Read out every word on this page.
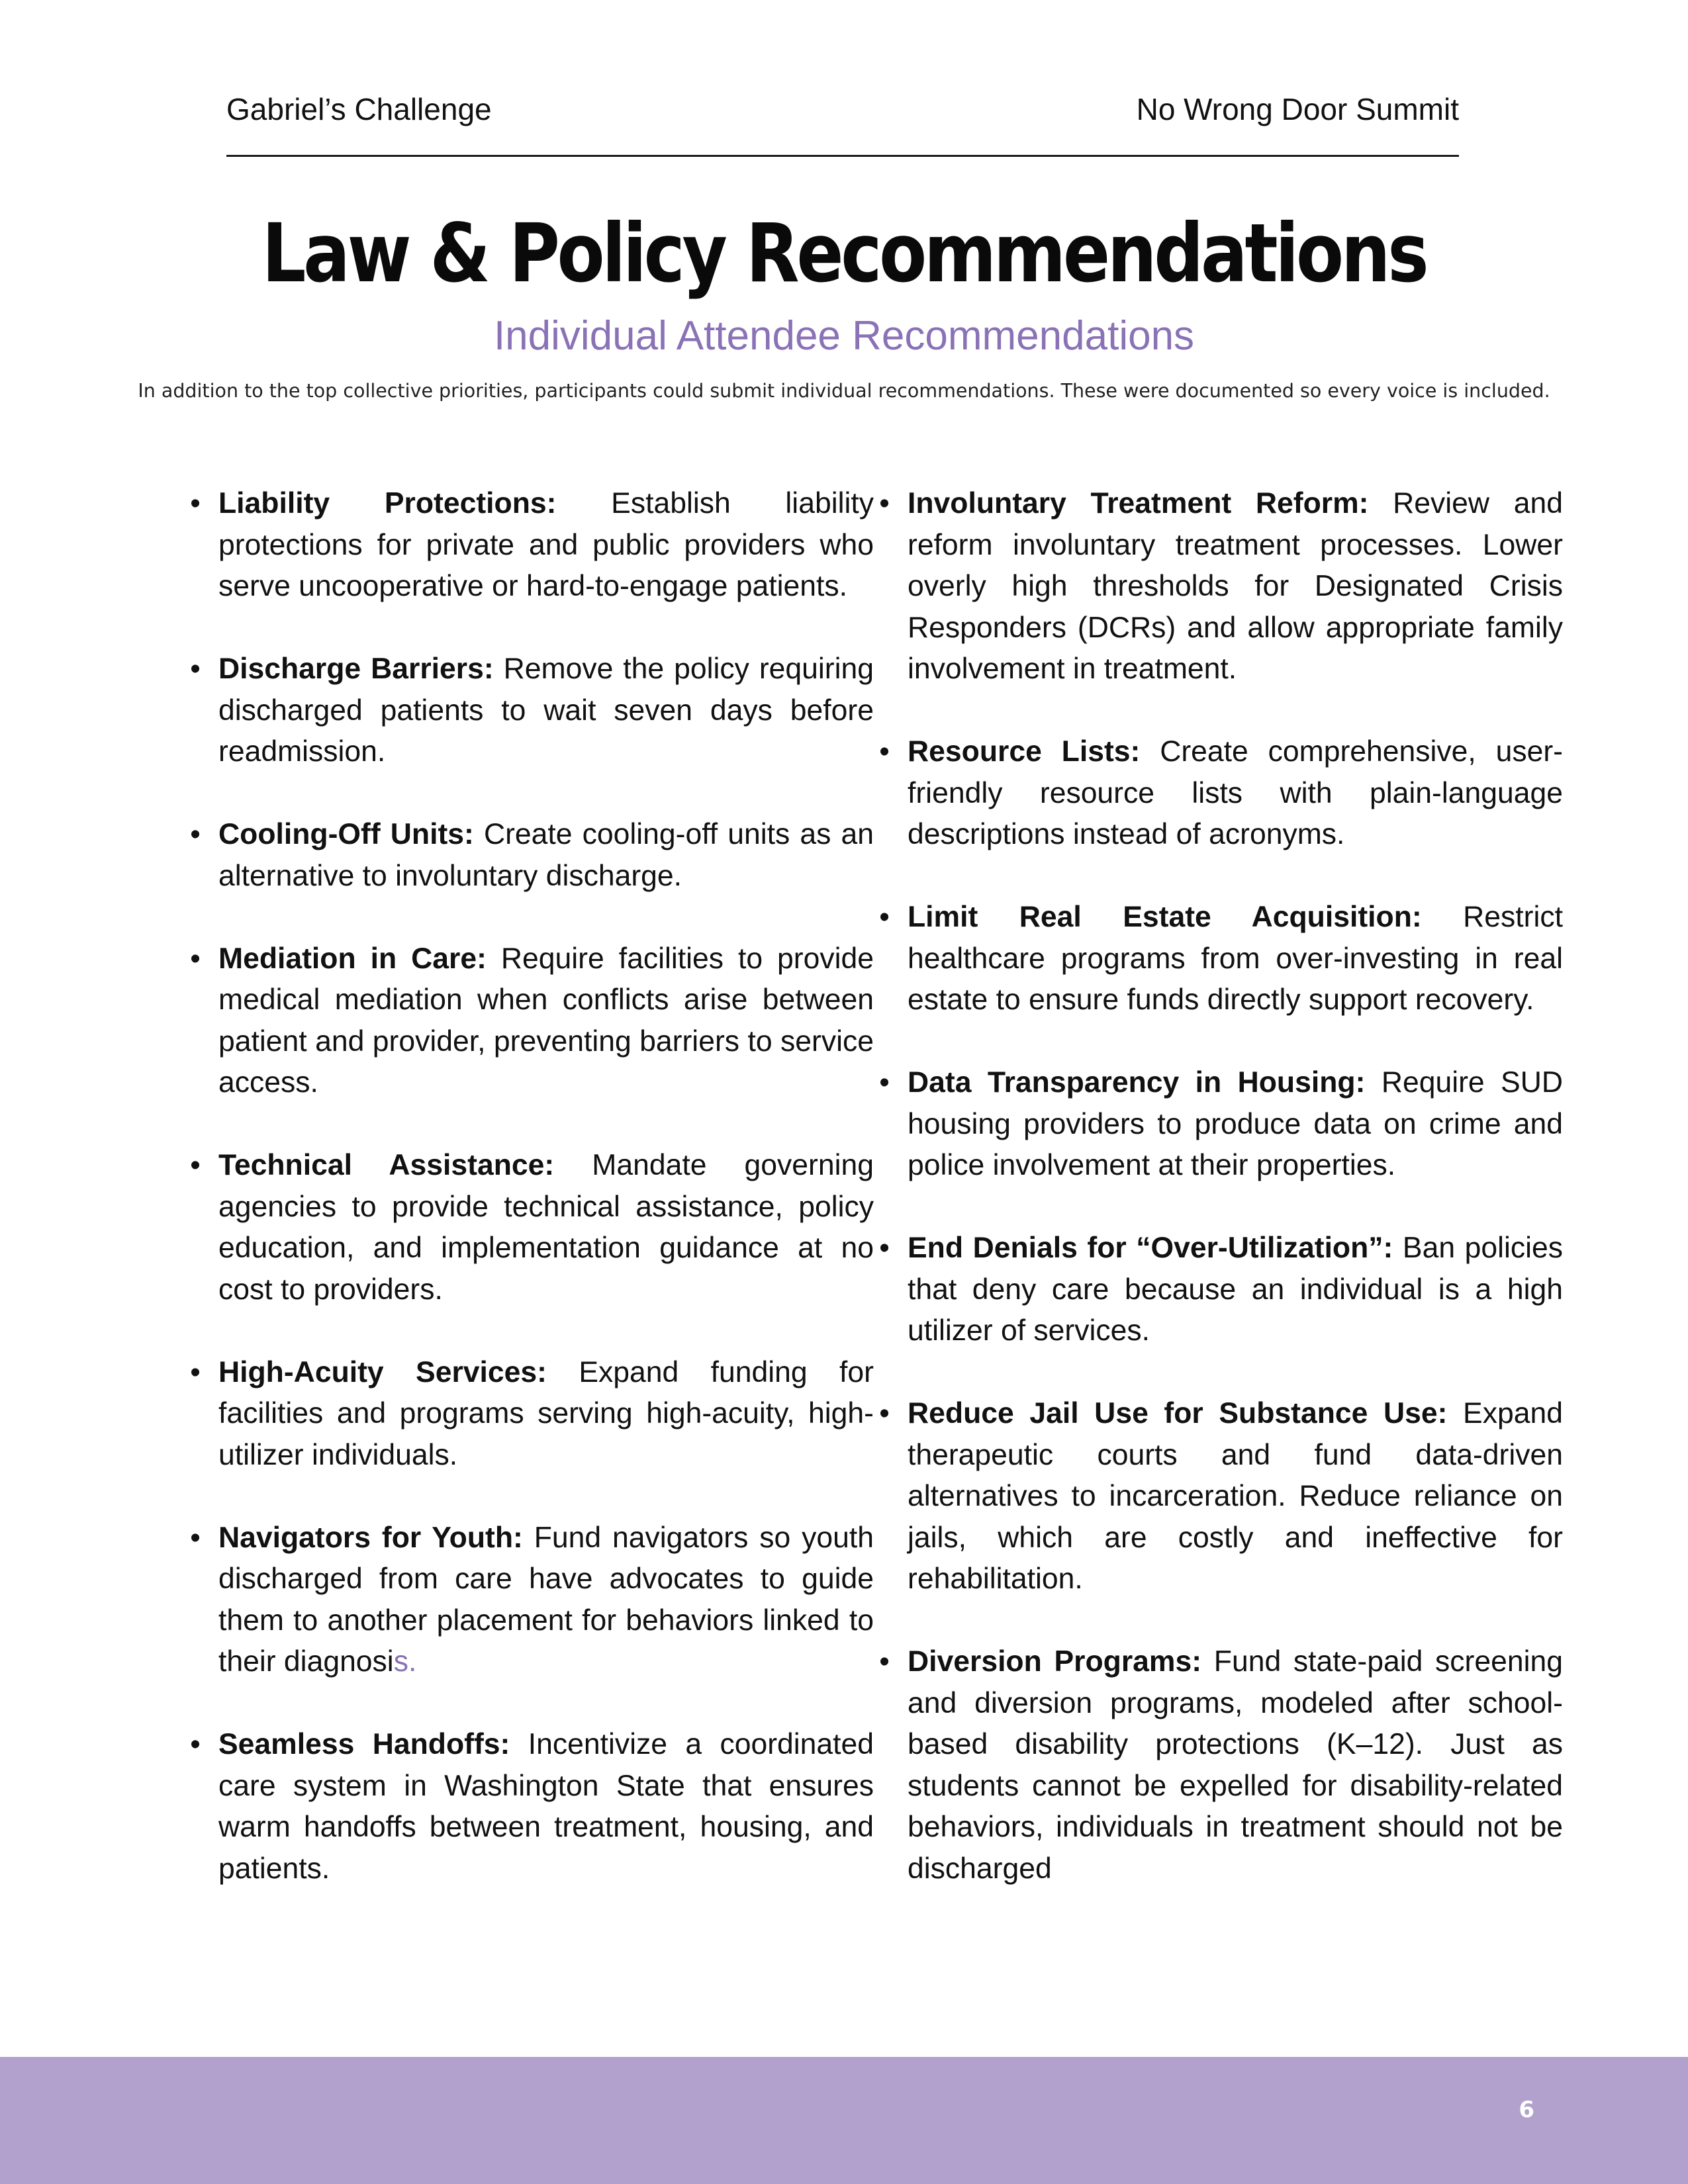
Gabriel’s Challenge	No Wrong Door Summit
Law & Policy Recommendations
Individual Attendee Recommendations
In addition to the top collective priorities, participants could submit individual recommendations. These were documented so every voice is included.
• Liability Protections: Establish liability protections for private and public providers who serve uncooperative or hard-to-engage patients.
• Discharge Barriers: Remove the policy requiring discharged patients to wait seven days before readmission.
• Cooling-Off Units: Create cooling-off units as an alternative to involuntary discharge.
• Mediation in Care: Require facilities to provide medical mediation when conflicts arise between patient and provider, preventing barriers to service access.
• Technical Assistance: Mandate governing agencies to provide technical assistance, policy education, and implementation guidance at no cost to providers.
• High-Acuity Services: Expand funding for facilities and programs serving high-acuity, high-utilizer individuals.
• Navigators for Youth: Fund navigators so youth discharged from care have advocates to guide them to another placement for behaviors linked to their diagnosis.
• Seamless Handoffs: Incentivize a coordinated care system in Washington State that ensures warm handoffs between treatment, housing, and patients.
• Involuntary Treatment Reform: Review and reform involuntary treatment processes. Lower overly high thresholds for Designated Crisis Responders (DCRs) and allow appropriate family involvement in treatment.
• Resource Lists: Create comprehensive, user-friendly resource lists with plain-language descriptions instead of acronyms.
• Limit Real Estate Acquisition: Restrict healthcare programs from over-investing in real estate to ensure funds directly support recovery.
• Data Transparency in Housing: Require SUD housing providers to produce data on crime and police involvement at their properties.
• End Denials for “Over-Utilization”: Ban policies that deny care because an individual is a high utilizer of services.
• Reduce Jail Use for Substance Use: Expand therapeutic courts and fund data-driven alternatives to incarceration. Reduce reliance on jails, which are costly and ineffective for rehabilitation.
• Diversion Programs: Fund state-paid screening and diversion programs, modeled after school-based disability protections (K–12). Just as students cannot be expelled for disability-related behaviors, individuals in treatment should not be discharged
6
